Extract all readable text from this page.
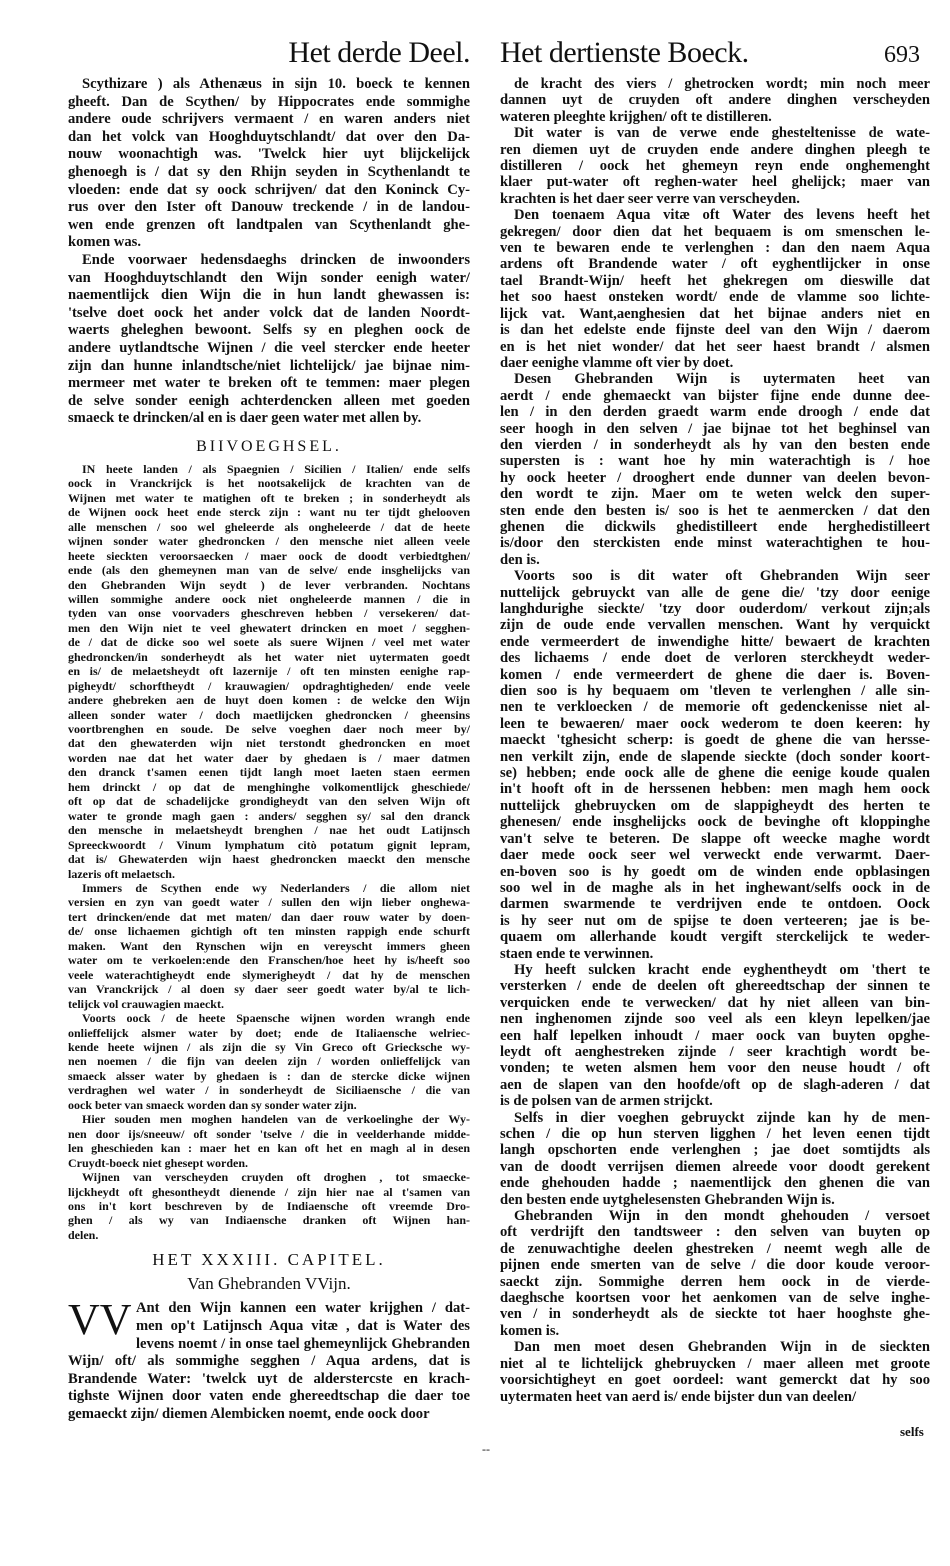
Het derde Deel. Het dertienste Boeck.	693
Scythizare ) als Athenæus in sijn 10. boeck te kennen
gheeft. Dan de Scythen/ by Hippocrates ende sommighe
andere oude schrijvers vermaent / en waren anders niet
dan het volck van Hooghduytschlandt/ dat over den Da-
nouw woonachtigh was. 'Twelck hier uyt blijckelijck
ghenoegh is / dat sy den Rhijn seyden in Scythenlandt te
vloeden: ende dat sy oock schrijven/ dat den Koninck Cy-
rus over den Ister oft Danouw treckende / in de landou-
wen ende grenzen oft landtpalen van Scythenlandt ghe-
komen was.
Ende voorwaer hedensdaeghs drincken de inwoonders
van Hooghduytschlandt den Wijn sonder eenigh water/
naementlijck dien Wijn die in hun landt ghewassen is:
'tselve doet oock het ander volck dat de landen Noordt-
waerts gheleghen bewoont. Selfs sy en pleghen oock de
andere uytlandtsche Wijnen / die veel stercker ende heeter
zijn dan hunne inlandtsche/niet lichtelijck/ jae bijnae nim-
mermeer met water te breken oft te temmen: maer plegen
de selve sonder eenigh achterdencken alleen met goeden
smaeck te drincken/al en is daer geen water met allen by.
BIIVOEGHSEL.
IN heete landen / als Spaegnien / Sicilien / Italien/ ende selfs
oock in Vranckrijck is het nootsakelijck de krachten van de
Wijnen met water te matighen oft te breken ; in sonderheydt als
de Wijnen oock heet ende sterck zijn : want nu ter tijdt ghelooven
alle menschen / soo wel ghelеerde als ongheleerde / dat de heete
wijnen sonder water ghedroncken / den mensche niet alleen veele
heete sieckten veroorsaecken / maer oock de doodt verbiedtghen/
ende (als den ghemeynen man van de selve/ ende insghelijcks van
den Ghebranden Wijn seydt ) de lever verbranden. Nochtans
willen sommighe andere oock niet ongheleerde mannen / die in
tyden van onse voorvaders gheschreven hebben / versekeren/ dat-
men den Wijn niet te veel ghewatert drincken en moet / segghen-
de / dat de dicke soo wel soete als suere Wijnen / veel met water
ghedroncken/in sonderheydt als het water niet uytermaten goedt
en is/ de melaetsheydt oft lazernije / oft ten minsten eenighe rap-
pigheydt/ schorftheydt / krauwagien/ opdraghtigheden/ ende veele
andere ghebreken aen de huyt doen komen : de welcke den Wijn
alleen sonder water / doch maetlijcken ghedroncken / gheensins
voortbrenghen en soude. De selve voeghen daer noch meer by/
dat den ghewaterden wijn niet terstondt ghedroncken en moet
worden nae dat het water daer by ghedaen is / maer datmen
den dranck t'samen eenen tijdt langh moet laeten staen eermen
hem drinckt / op dat de menghinghe volkomentlijck gheschiede/
oft op dat de schadelijcke grondigheydt van den selven Wijn oft
water te gronde magh gaen : anders/ segghen sy/ sal den dranck
den mensche in melaetsheydt brenghen / nae het oudt Latijnsch
Spreeckwoordt / Vinum lymphatum citò potatum gignit lepram,
dat is/ Ghewaterden wijn haest ghedroncken maeckt den mensche
lazeris oft melaetsch.
Immers de Scythen ende wy Nederlanders / die allom niet
versien en zyn van goedt water / sullen den wijn lieber onghewa-
tert drincken/ende dat met maten/ dan daer rouw water by doen-
de/ onse lichaemen gichtigh oft ten minsten rappigh ende schurft
maken. Want den Rynschen wijn en vereyscht immers gheen
water om te verkoelen:ende den Franschen/hoe heet hy is/heeft soo
veele waterachtigheydt ende slymerigheydt / dat hy de menschen
van Vranckrijck / al doen sy daer seer goedt water by/al te lich-
telijck vol crauwagien maeckt.
Voorts oock / de heete Spaensche wijnen worden wrangh ende
onlieffelijck alsmer water by doet; ende de Italiaensche welriec-
kende heete wijnen / als zijn die sy Vin Greco oft Griecksche wy-
nen noemen / die fijn van deelen zijn / worden onlieffelijck van
smaeck alsser water by ghedaen is : dan de stercke dicke wijnen
verdraghen wel water / in sonderheydt de Siciliaensche / die van
oock beter van smaeck worden dan sy sonder water zijn.
Hier souden men moghen handelen van de verkoelinghe der Wy-
nen door ijs/sneeuw/ oft sonder 'tselve / die in veelderhande midde-
len gheschieden kan : maer het en kan oft het en magh al in desen
Cruydt-boeck niet ghesept worden.
Wijnen van verscheyden cruyden oft droghen , tot smaecke-
lijckheydt oft ghesontheydt dienende / zijn hier nae al t'samen van
ons in't kort beschreven by de Indiaensche oft vreemde Dro-
ghen / als wy van Indiaensche dranken oft Wijnen han-
delen.
HET XXXIII. CAPITEL.
Van Ghebranden VVijn.
VV Ant den Wijn kannen een water krijghen / dat-
men op't Latijnsch Aqua vitæ , dat is Water des
levens noemt / in onse tael ghemeynlijck Ghebranden
Wijn/ oft/ als sommighe segghen / Aqua ardens, dat is
Brandende Water: 'twelck uyt de alderstercste en krach-
tighste Wijnen door vaten ende ghereedtschap die daer toe
gemaeckt zijn/ diemen Alembicken noemt, ende oock door
de kracht des viers / ghetrocken wordt; min noch meer
dannen uyt de cruyden oft andere dinghen verscheyden
wateren pleeghte krijghen/ oft te distilleren.
Dit water is van de verwe ende ghesteltenisse de wate-
ren diemen uyt de cruyden ende andere dinghen pleegh te
distilleren / oock het ghemeyn reyn ende onghemenght
klaer put-water oft reghen-water heel ghelijck; maer van
krachten is het daer seer verre van verscheyden.
Den toenaem Aqua vitæ oft Water des levens heeft het
gekregen/ door dien dat het bequaem is om smenschen le-
ven te bewaren ende te verlenghen : dan den naem Aqua
ardens oft Brandende water / oft eyghentlijcker in onse
tael Brandt-Wijn/ heeft het ghekregen om dieswille dat
het soo haest onsteken wordt/ ende de vlamme soo lichte-
lijck vat. Want,aenghesien dat het bijnae anders niet en
is dan het edelste ende fijnste deel van den Wijn / daerom
en is het niet wonder/ dat het seer haest brandt / alsmen
daer eenighe vlamme oft vier by doet.
Desen Ghebranden Wijn is uytermaten heet van
aerdt / ende ghemaeckt van bijster fijne ende dunne dee-
len / in den derden graedt warm ende droogh / ende dat
seer hoogh in den selven / jae bijnae tot het beghinsel van
den vierden / in sonderheydt als hy van den besten ende
supersten is : want hoe hy min waterachtigh is / hoe
hy oock heeter / drooghert ende dunner van deelen bevon-
den wordt te zijn. Maer om te weten welck den super-
sten ende den besten is/ soo is het te aenmercken / dat den
ghenen die dickwils ghedistilleert ende herghedistilleert
is/door den sterckisten ende minst waterachtighen te hou-
den is.
Voorts soo is dit water oft Ghebranden Wijn seer
nuttelijck gebruyckt van alle de gene die/ 'tzy door eenige
langhdurighe sieckte/ 'tzy door ouderdom/ verkout zijn;als
zijn de oude ende vervallen menschen. Want hy verquickt
ende vermeerdert de inwendighe hitte/ bewaert de krachten
des lichaems / ende doet de verloren sterckheydt weder-
komen / ende vermeerdert de ghene die daer is. Boven-
dien soo is hy bequaem om 'tleven te verlenghen / alle sin-
nen te verkloecken / de memorie oft gedenckenisse niet al-
leen te bewaeren/ maer oock wederom te doen keeren: hy
maeckt 'tghesicht scherp: is goedt de ghene die van hersse-
nen verkilt zijn, ende de slapende sieckte (doch sonder koort-
se) hebben; ende oock alle de ghene die eenige koude qualen
in't hooft oft in de herssenen hebben: men magh hem oock
nuttelijck ghebruycken om de slappigheydt des herten te
ghenesen/ ende insghelijcks oock de bevinghe oft kloppinghe
van't selve te beteren. De slappe oft weecke maghe wordt
daer mede oock seer wel verweckt ende verwarmt. Daer-
en-boven soo is hy goedt om de winden ende opblasingen
soo wel in de maghe als in het inghewant/selfs oock in de
darmen swarmende te verdrijven ende te ontdoen. Oock
is hy seer nut om de spijse te doen verteeren; jae is be-
quaem om allerhande koudt vergift sterckelijck te weder-
staen ende te verwinnen.
Hy heeft sulcken kracht ende eyghentheydt om 'thert te
versterken / ende de deelen oft ghereedtschap der sinnen te
verquicken ende te verwecken/ dat hy niet alleen van bin-
nen inghenomen zijnde soo veel als een kleyn lepelken/jae
een half lepelken inhoudt / maer oock van buyten opghe-
leydt oft aenghestreken zijnde / seer krachtigh wordt be-
vonden; te weten alsmen hem voor den neuse houdt / oft
aen de slapen van den hoofde/oft op de slagh-aderen / dat
is de polsen van de armen strijckt.
Selfs in dier voeghen gebruyckt zijnde kan hy de men-
schen / die op hun sterven ligghen / het leven eenen tijdt
langh opschorten ende verlenghen ; jae doet somtijdts als
van de doodt verrijsen diemen alreede voor doodt gerekent
ende ghehouden hadde ; naementlijck den ghenen die van
den besten ende uytghelesensten Ghebranden Wijn is.
Ghebranden Wijn in den mondt ghehouden / versoet
oft verdrijft den tandtsweer : den selven van buyten op
de zenuwachtighe deelen ghestreken / neemt wegh alle de
pijnen ende smerten van de selve / die door koude veroor-
saeckt zijn. Sommighe derren hem oock in de vierde-
daeghsche koortsen voor het aenkomen van de selve inghe-
ven / in sonderheydt als de sieckte tot haer hooghste ghe-
komen is.
Dan men moet desen Ghebranden Wijn in de sieckten
niet al te lichtelijck ghebruycken / maer alleen met groote
voorsichtigheyt en goet oordeel: want gemerckt dat hy soo
uytermaten heet van aerd is/ ende bijster dun van deelen/
selfs
--
